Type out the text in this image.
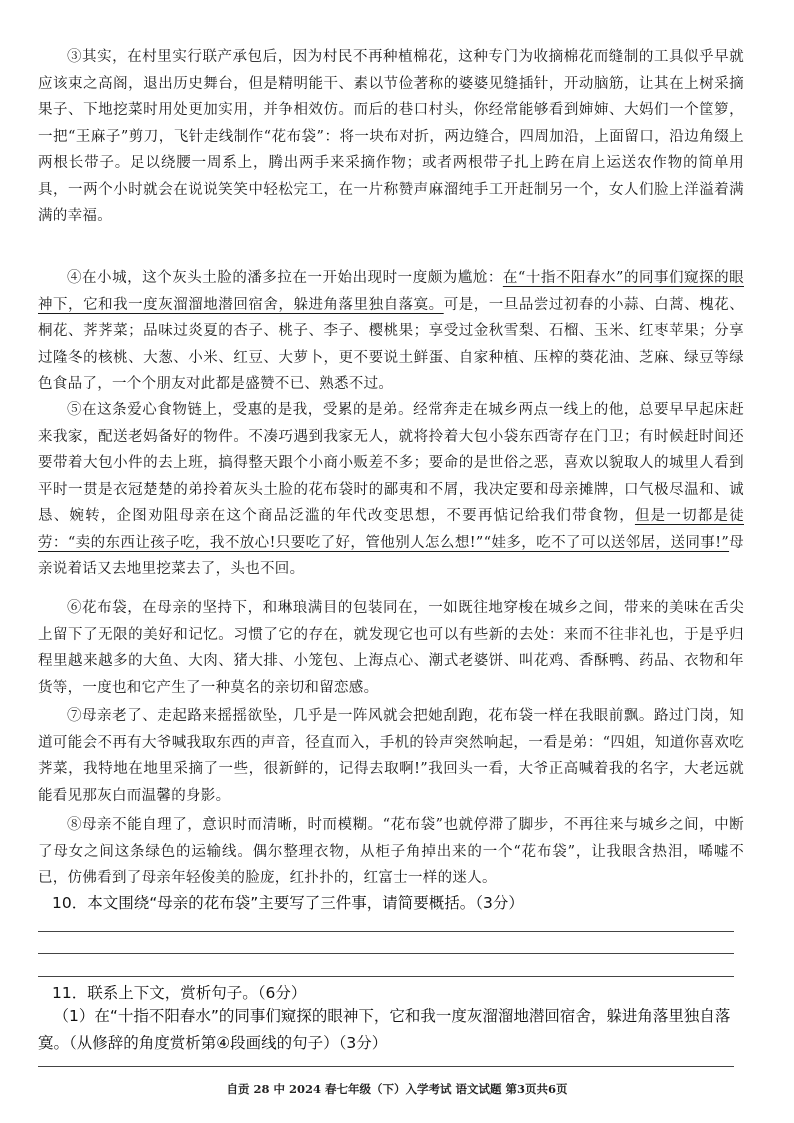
③其实，在村里实行联产承包后，因为村民不再种植棉花，这种专门为收摘棉花而缝制的工具似乎早就应该束之高阁，退出历史舞台，但是精明能干、素以节俭著称的婆婆见缝插针，开动脑筋，让其在上树采摘果子、下地挖菜时用处更加实用，并争相效仿。而后的巷口村头，你经常能够看到婶婶、大妈们一个筐箩，一把“王麻子”剪刀，飞针走线制作“花布袋”：将一块布对折，两边缝合，四周加沿，上面留口，沿边角缀上两根长带子。足以绕腰一周系上，腾出两手来采摘作物；或者两根带子扎上跨在肩上运送农作物的简单用具，一两个小时就会在说说笑笑中轻松完工，在一片称赞声麻溜纯手工开赶制另一个，女人们脸上洋溢着满满的幸福。
④在小城，这个灰头土脸的潘多拉在一开始出现时一度颇为尴尬：在“十指不阳春水”的同事们窥探的眼神下，它和我一度灰溜溜地潜回宿舍，躲进角落里独自落寞。可是，一旦品尝过初春的小蒜、白蒿、槐花、桐花、荠荠菜；品味过炎夏的杏子、桃子、李子、樱桃果；享受过金秋雪梨、石榴、玉米、红枣苹果；分享过隆冬的核桃、大葱、小米、红豆、大萝卜，更不要说土鲜蛋、自家种植、压榨的葵花油、芝麻、绿豆等绿色食品了，一个个朋友对此都是盛赞不已、熟悉不过。
⑤在这条爱心食物链上，受惠的是我，受累的是弟。经常奔走在城乡两点一线上的他，总要早早起床赶来我家，配送老妈备好的物件。不凑巧遇到我家无人，就将拎着大包小袋东西寄存在门卫；有时候赶时间还要带着大包小件的去上班，搞得整天跟个小商小贩差不多；要命的是世俗之恶，喜欢以貌取人的城里人看到平时一贯是衣冠楚楚的弟拎着灰头土脸的花布袋时的鄙夷和不屑，我决定要和母亲摊牌，口气极尽温和、诚恳、婉转，企图劝阻母亲在这个商品泛滥的年代改变思想，不要再惦记给我们带食物，但是一切都是徒劳：“卖的东西让孩子吃，我不放心!只要吃了好，管他别人怎么想!”“娃多，吃不了可以送邻居，送同事!”母亲说着话又去地里挖菜去了，头也不回。
⑥花布袋，在母亲的坚持下，和琳琅满目的包装同在，一如既往地穿梭在城乡之间，带来的美味在舌尖上留下了无限的美好和记忆。习惯了它的存在，就发现它也可以有些新的去处：来而不往非礼也，于是乎归程里越来越多的大鱼、大肉、猪大排、小笼包、上海点心、潮式老婆饼、叫花鸡、香酥鸭、药品、衣物和年货等，一度也和它产生了一种莫名的亲切和留恋感。
⑦母亲老了、走起路来摇摇欲坠，几乎是一阵风就会把她刮跑，花布袋一样在我眼前飘。路过门岗，知道可能会不再有大爷喊我取东西的声音，径直而入，手机的铃声突然响起，一看是弟：“四姐，知道你喜欢吃荠菜，我特地在地里采摘了一些，很新鲜的，记得去取啊!”我回头一看，大爷正高喊着我的名字，大老远就能看见那灰白而温馨的身影。
⑧母亲不能自理了，意识时而清晰，时而模糊。“花布袋”也就停滞了脚步，不再往来与城乡之间，中断了母女之间这条绿色的运输线。偶尔整理衣物，从柜子角掉出来的一个“花布袋”，让我眼含热泪，唏嘘不已，仿佛看到了母亲年轻俊美的脸庞，红扑扑的，红富士一样的迷人。
10．本文围绕“母亲的花布袋”主要写了三件事，请简要概括。（3分）
11．联系上下文，赏析句子。（6分）
（1）在“十指不阳春水”的同事们窥探的眼神下，它和我一度灰溜溜地潜回宿舍，躲进角落里独自落寞。（从修辞的角度赏析第④段画线的句子）（3分）
自贡 28 中 2024 春七年级（下）入学考试 语文试题 第3页共6页
